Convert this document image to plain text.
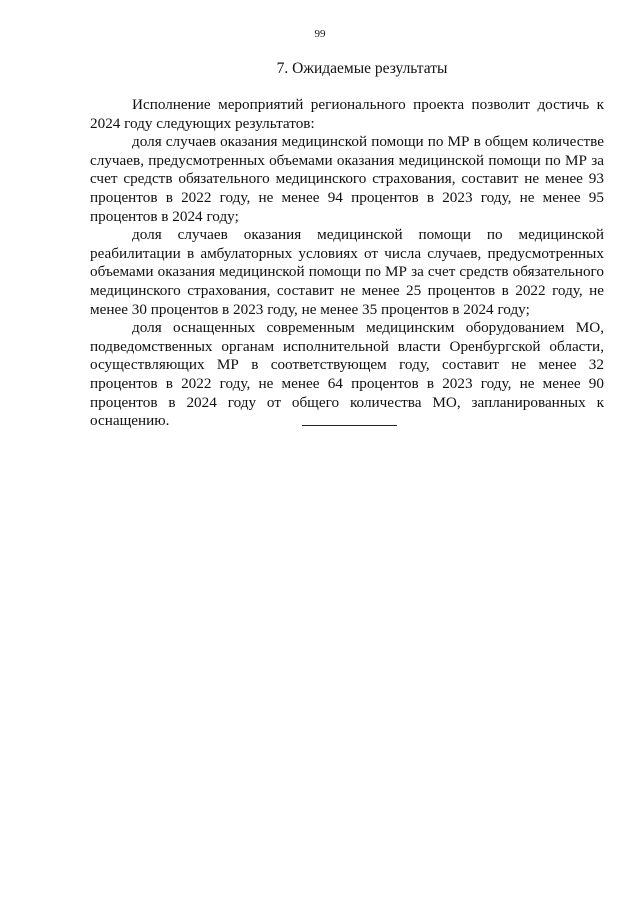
99
7. Ожидаемые результаты

Исполнение мероприятий регионального проекта позволит достичь к 2024 году следующих результатов:

доля случаев оказания медицинской помощи по МР в общем количестве случаев, предусмотренных объемами оказания медицинской помощи по МР за счет средств обязательного медицинского страхования, составит не менее 93 процентов в 2022 году, не менее 94 процентов в 2023 году, не менее 95 процентов в 2024 году;

доля случаев оказания медицинской помощи по медицинской реабилитации в амбулаторных условиях от числа случаев, предусмотренных объемами оказания медицинской помощи по МР за счет средств обязательного медицинского страхования, составит не менее 25 процентов в 2022 году, не менее 30 процентов в 2023 году, не менее 35 процентов в 2024 году;

доля оснащенных современным медицинским оборудованием МО, подведомственных органам исполнительной власти Оренбургской области, осуществляющих МР в соответствующем году, составит не менее 32 процентов в 2022 году, не менее 64 процентов в 2023 году, не менее 90 процентов в 2024 году от общего количества МО, запланированных к оснащению.
